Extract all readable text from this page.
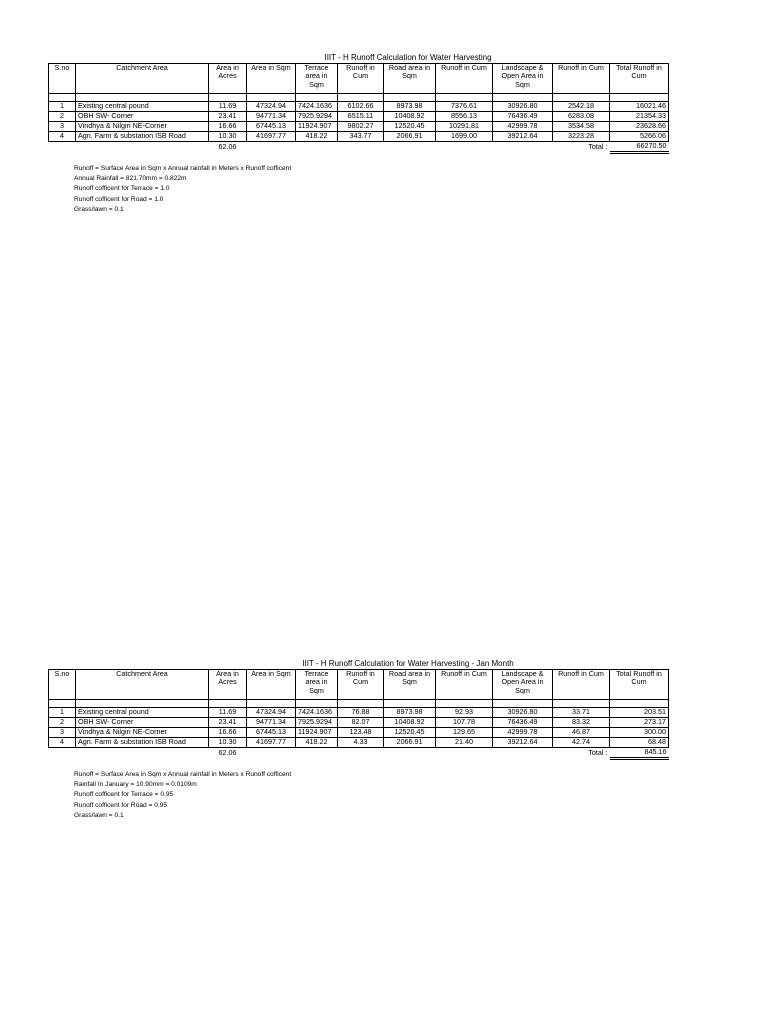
IIIT - H Runoff Calculation for Water Harvesting
S.no	Catchment Area	Area in Acres	Area in Sqm	Terrace area in Sqm	Runoff in Cum	Road area in Sqm	Runoff in Cum	Landscape & Open Area in Sqm	Runoff in Cum	Total Runoff in Cum

1	Existing central pound	11.69	47324.94	7424.1636	6102.66	8973.98	7376.61	30926.80	2542.18	16021.46
2	OBH SW- Corner	23.41	94771.34	7925.9294	6515.11	10408.92	8556.13	76436.49	6283.08	21354.33
3	Vindhya & Nilgiri NE-Corner	16.66	67445.13	11924.907	9802.27	12520.45	10291.81	42999.78	3534.58	23628.66
4	Agri. Farm & substation ISB Road	10.30	41697.77	418.22	343.77	2066.91	1699.00	39212.64	3223.28	5266.06
		62.06							Total :	66270.50
Runoff = Surface Area in Sqm x Annual rainfall in Meters x Runoff cofficent
Annual Rainfall = 821.70mm = 0.822m
Runoff cofficent for Terrace = 1.0
Runoff cofficent for Road = 1.0
Grass/lawn = 0.1
IIIT - H Runoff Calculation for Water Harvesting - Jan Month
S.no	Catchment Area	Area in Acres	Area in Sqm	Terrace area in Sqm	Runoff in Cum	Road area in Sqm	Runoff in Cum	Landscape & Open Area in Sqm	Runoff in Cum	Total Runoff in Cum

1	Existing central pound	11.69	47324.94	7424.1636	76.88	8973.98	92.93	30926.80	33.71	203.51
2	OBH SW- Corner	23.41	94771.34	7925.9294	82.07	10408.92	107.78	76436.49	83.32	273.17
3	Vindhya & Nilgiri NE-Corner	16.66	67445.13	11924.907	123.48	12520.45	129.65	42999.78	46.87	300.00
4	Agri. Farm & substation ISB Road	10.30	41697.77	418.22	4.33	2066.91	21.40	39212.64	42.74	68.48
		62.06							Total :	845.16
Runoff = Surface Area in Sqm x Annual rainfall in Meters x Runoff cofficent
Rainfall In January = 10.90mm = 0.0109m
Runoff cofficent for Terrace = 0.95
Runoff cofficent for Road = 0.95
Grass/lawn = 0.1
